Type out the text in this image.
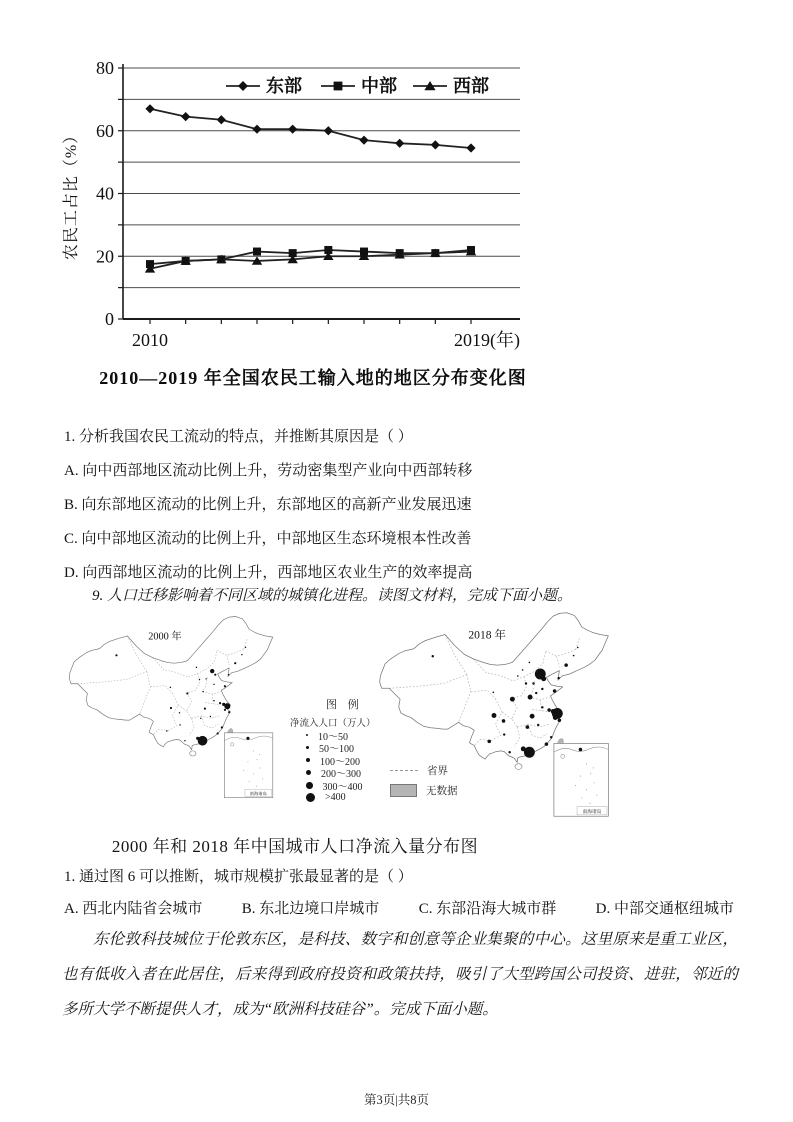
0
20
40
60
80
2010	2019(年)
农民工占比（%）
东部	中部	西部
2010—2019 年全国农民工输入地的地区分布变化图
1. 分析我国农民工流动的特点，并推断其原因是（ ）
A. 向中西部地区流动比例上升，劳动密集型产业向中西部转移
B. 向东部地区流动的比例上升，东部地区的高新产业发展迅速
C. 向中部地区流动的比例上升，中部地区生态环境根本性改善
D. 向西部地区流动的比例上升，西部地区农业生产的效率提高
9. 人口迁移影响着不同区域的城镇化进程。读图文材料，完成下面小题。
南海诸岛
2000 年
南海诸岛
2018 年
图 例
净流入人口（万人）
10～50
50～100
100～200
200～300
300～400
>400
省界
无数据
2000 年和 2018 年中国城市人口净流入量分布图
1. 通过图 6 可以推断，城市规模扩张最显著的是（ ）
A. 西北内陆省会城市	B. 东北边境口岸城市	C. 东部沿海大城市群	D. 中部交通枢纽城市
东伦敦科技城位于伦敦东区，是科技、数字和创意等企业集聚的中心。这里原来是重工业区，也有低收入者在此居住，后来得到政府投资和政策扶持，吸引了大型跨国公司投资、进驻，邻近的多所大学不断提供人才，成为“欧洲科技硅谷”。完成下面小题。
第3页|共8页
